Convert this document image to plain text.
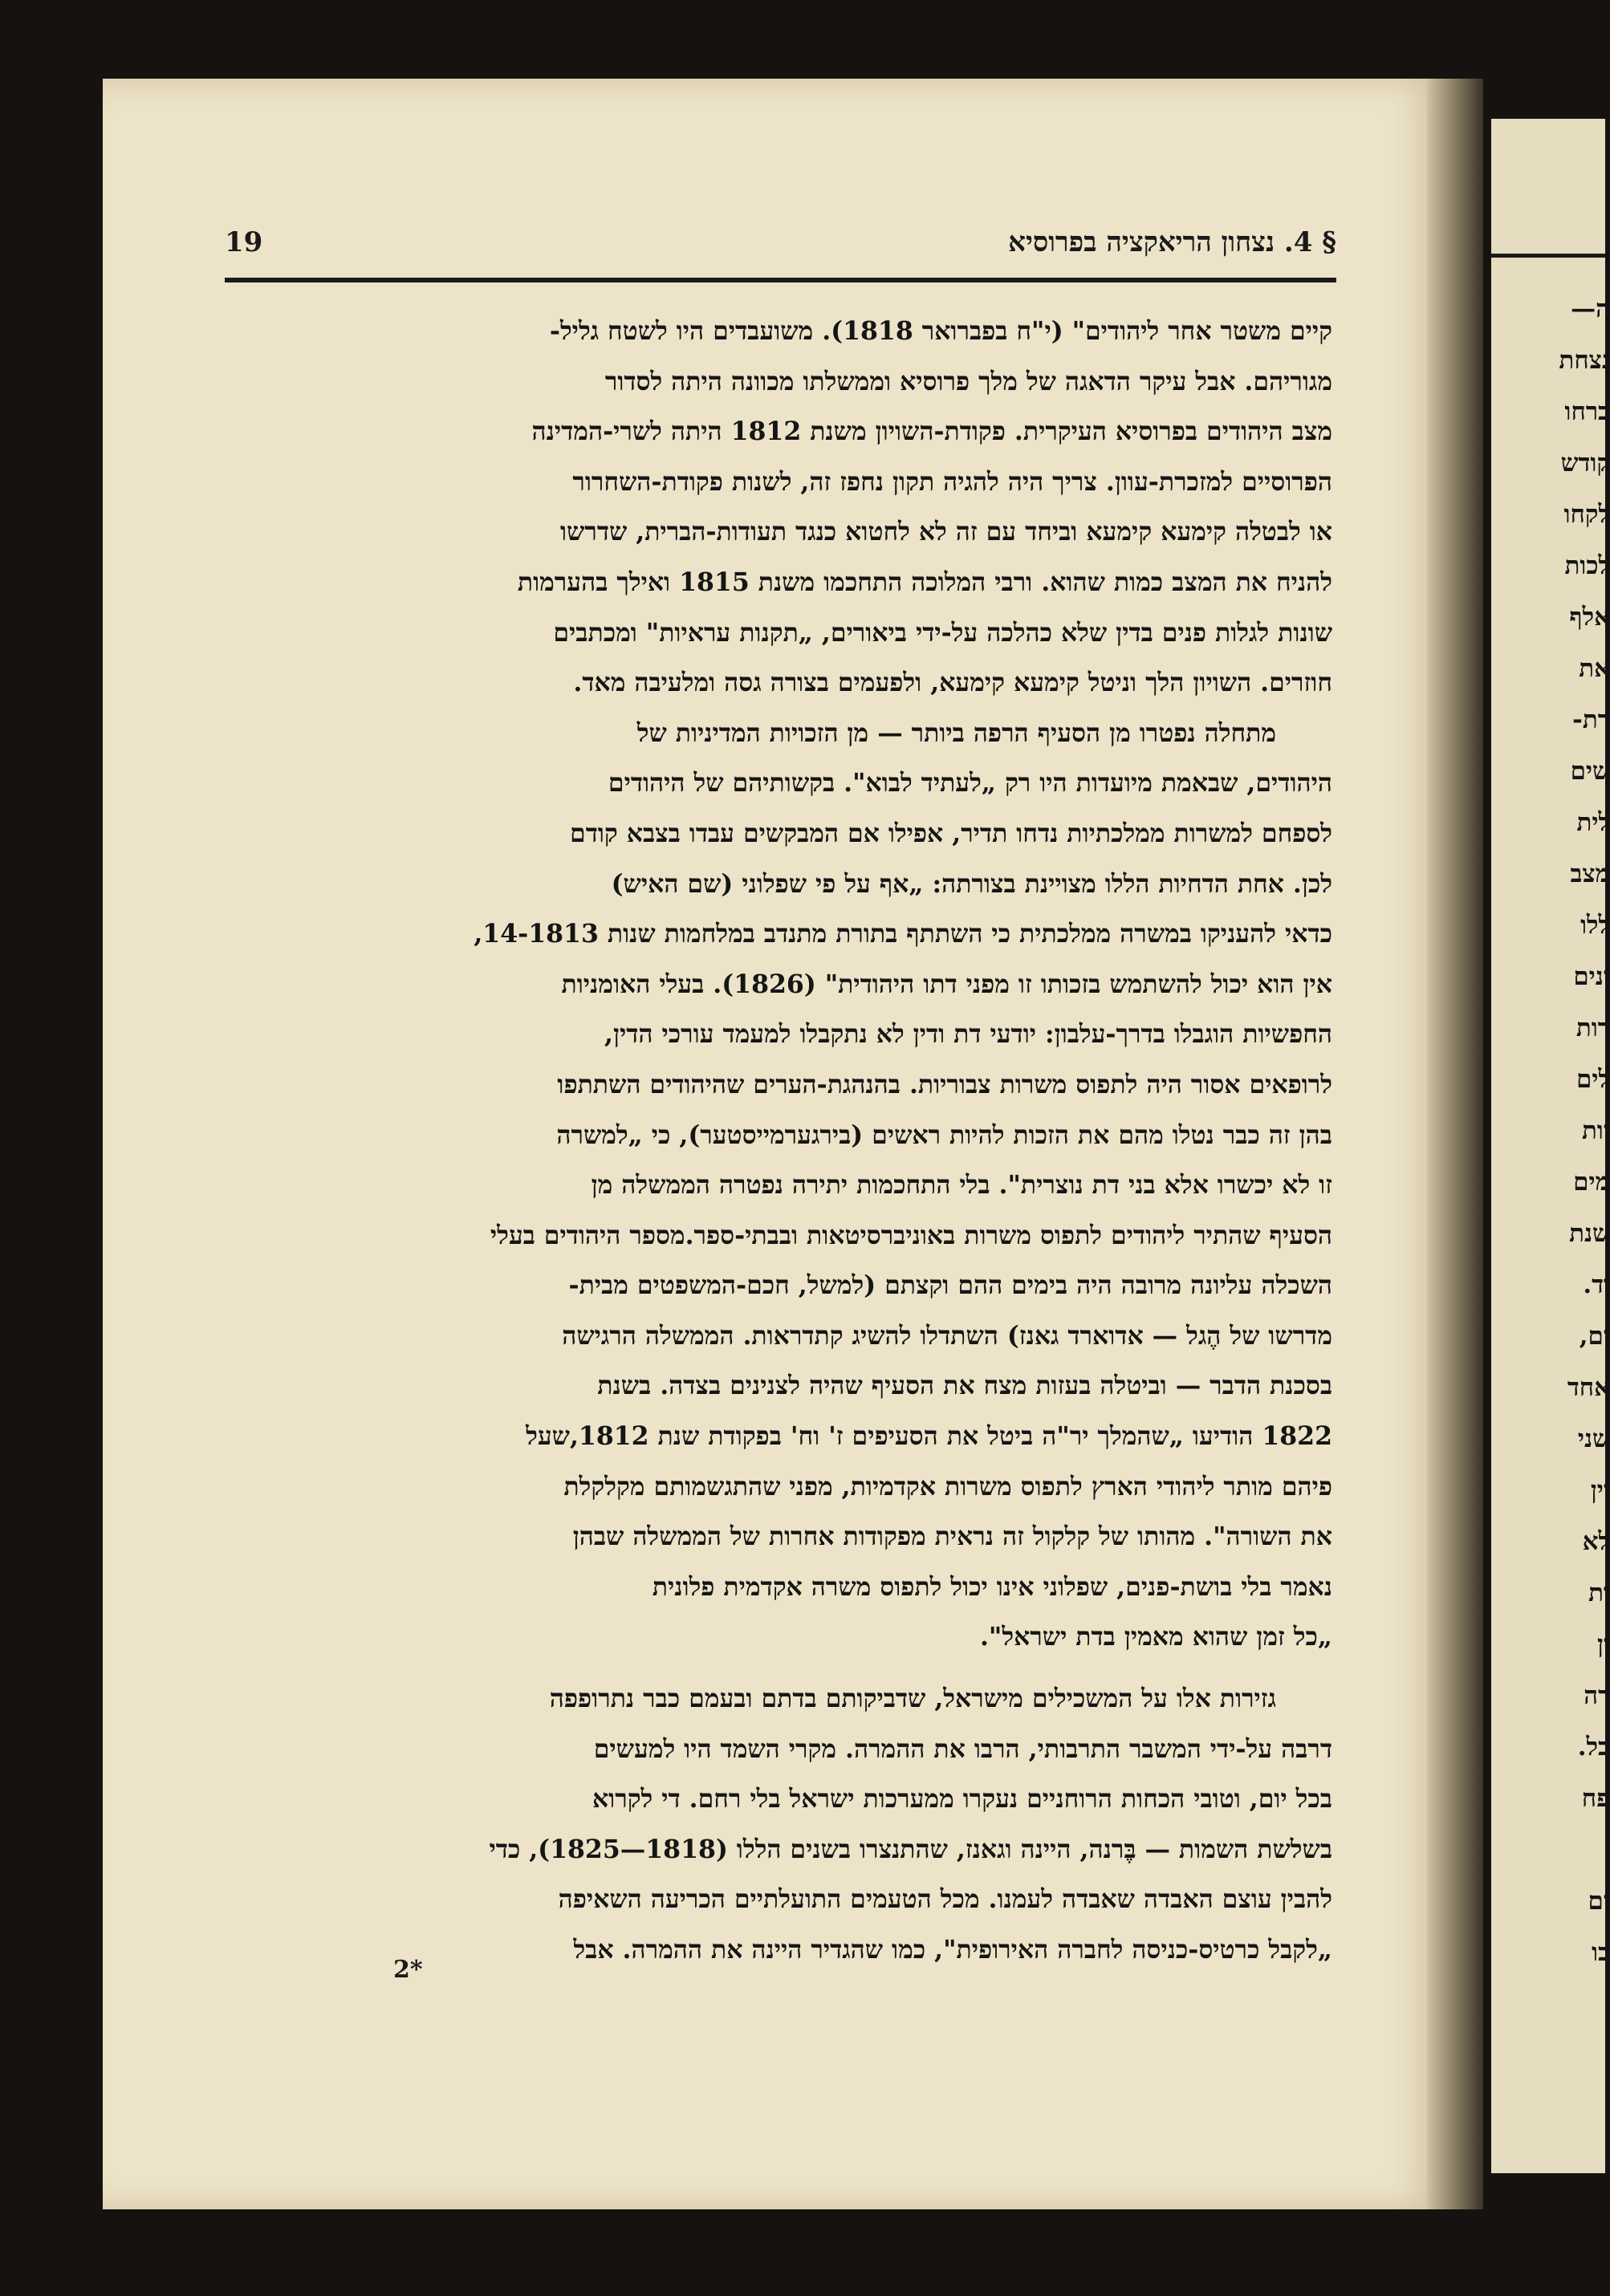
ה—
נצחת
ברחו
קודש
לקחו
לכות
אלף
את
רת-
שים
לית
מצב
ללו
ינים
רות
לים
יות
מים
שנת
וד.
ים,
אחד
שני
יין
לא
ות
ין
דה
בל.
פח
ים
בו
19	§ 4. נצחון הריאקציה בפרוסיא
קיים משטר אחר ליהודים" (י"ח בפברואר 1818). משועבדים היו לשטח גליל-
מגוריהם. אבל עיקר הדאגה של מלך פרוסיא וממשלתו מכוונה היתה לסדור
מצב היהודים בפרוסיא העיקרית. פקודת-השויון משנת 1812 היתה לשרי-המדינה
הפרוסיים למזכרת-עוון. צריך היה להגיה תקון נחפז זה, לשנות פקודת-השחרור
או לבטלה קימעא קימעא וביחד עם זה לא לחטוא כנגד תעודות-הברית, שדרשו
להניח את המצב כמות שהוא. ורבי המלוכה התחכמו משנת 1815 ואילך בהערמות
שונות לגלות פנים בדין שלא כהלכה על-ידי ביאורים, „תקנות עראיות" ומכתבים
חוזרים. השויון הלך וניטל קימעא קימעא, ולפעמים בצורה גסה ומלעיבה מאד.
מתחלה נפטרו מן הסעיף הרפה ביותר — מן הזכויות המדיניות של
היהודים, שבאמת מיועדות היו רק „לעתיד לבוא". בקשותיהם של היהודים
לספחם למשרות ממלכתיות נדחו תדיר, אפילו אם המבקשים עבדו בצבא קודם
לכן. אחת הדחיות הללו מצויינת בצורתה: „אף על פי שפלוני (שם האיש)
כדאי להעניקו במשרה ממלכתית כי השתתף בתורת מתנדב במלחמות שנות 14-1813,
אין הוא יכול להשתמש בזכותו זו מפני דתו היהודית" (1826). בעלי האומניות
החפשיות הוגבלו בדרך-עלבון: יודעי דת ודין לא נתקבלו למעמד עורכי הדין,
לרופאים אסור היה לתפוס משרות צבוריות. בהנהגת-הערים שהיהודים השתתפו
בהן זה כבר נטלו מהם את הזכות להיות ראשים (בירגערמייסטער), כי „למשרה
זו לא יכשרו אלא בני דת נוצרית". בלי התחכמות יתירה נפטרה הממשלה מן
הסעיף שהתיר ליהודים לתפוס משרות באוניברסיטאות ובבתי-ספר.מספר היהודים בעלי
השכלה עליונה מרובה היה בימים ההם וקצתם (למשל, חכם-המשפטים מבית-
מדרשו של הֶגל — אדוארד גאנז) השתדלו להשיג קתדראות. הממשלה הרגישה
בסכנת הדבר — וביטלה בעזות מצח את הסעיף שהיה לצנינים בצדה. בשנת
1822 הודיעו „שהמלך יר"ה ביטל את הסעיפים ז' וח' בפקודת שנת 1812,שעל
פיהם מותר ליהודי הארץ לתפוס משרות אקדמיות, מפני שהתגשמותם מקלקלת
את השורה". מהותו של קלקול זה נראית מפקודות אחרות של הממשלה שבהן
נאמר בלי בושת-פנים, שפלוני אינו יכול לתפוס משרה אקדמית פלונית
„כל זמן שהוא מאמין בדת ישראל".
גזירות אלו על המשכילים מישראל, שדביקותם בדתם ובעמם כבר נתרופפה
דרבה על-ידי המשבר התרבותי, הרבו את ההמרה. מקרי השמד היו למעשים
בכל יום, וטובי הכחות הרוחניים נעקרו ממערכות ישראל בלי רחם. די לקרוא
בשלשת השמות — בֶּרנה, היינה וגאנז, שהתנצרו בשנים הללו (1818—1825), כדי
להבין עוצם האבדה שאבדה לעמנו. מכל הטעמים התועלתיים הכריעה השאיפה
„לקבל כרטיס-כניסה לחברה האירופית", כמו שהגדיר היינה את ההמרה. אבל
2*
